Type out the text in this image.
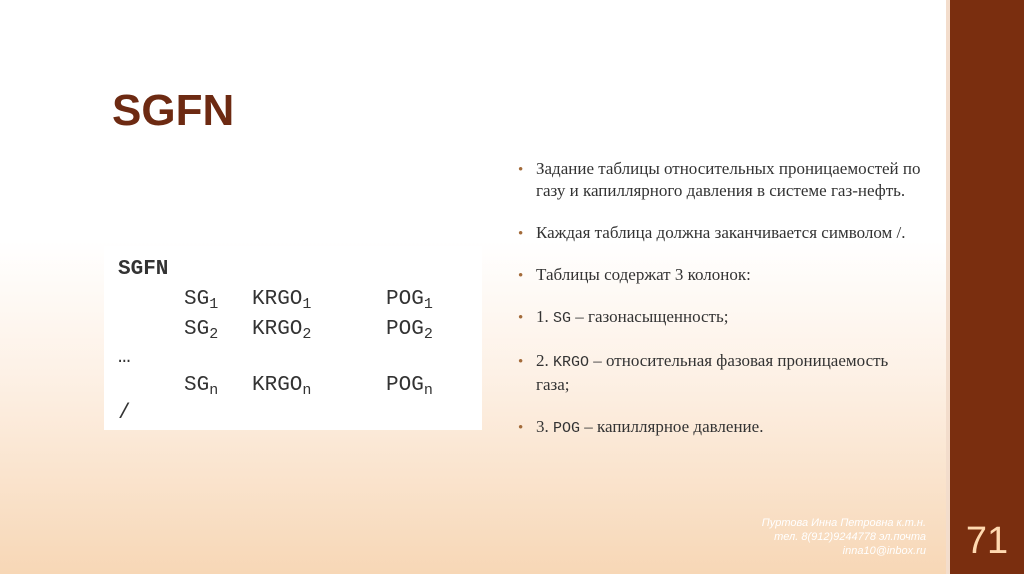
71
SGFN
SGFN
$SG_1$ $KRGO_1$	$POG_1$
$SG_2$ $KRGO_2$	$POG_2$
…
$SG_n$ $KRGO_n$	$POG_n$
/
• Задание таблицы относительных проницаемостей по газу и капиллярного давления в системе газ-нефть.
• Каждая таблица должна заканчивается символом /.
• Таблицы содержат 3 колонок:
• 1. SG – газонасыщенность;
• 2. KRGO – относительная фазовая проницаемость газа;
• 3. POG – капиллярное давление.
Пуртова Инна Петровна к.т.н.
тел. 8(912)9244778 эл.почта
inna10@inbox.ru
